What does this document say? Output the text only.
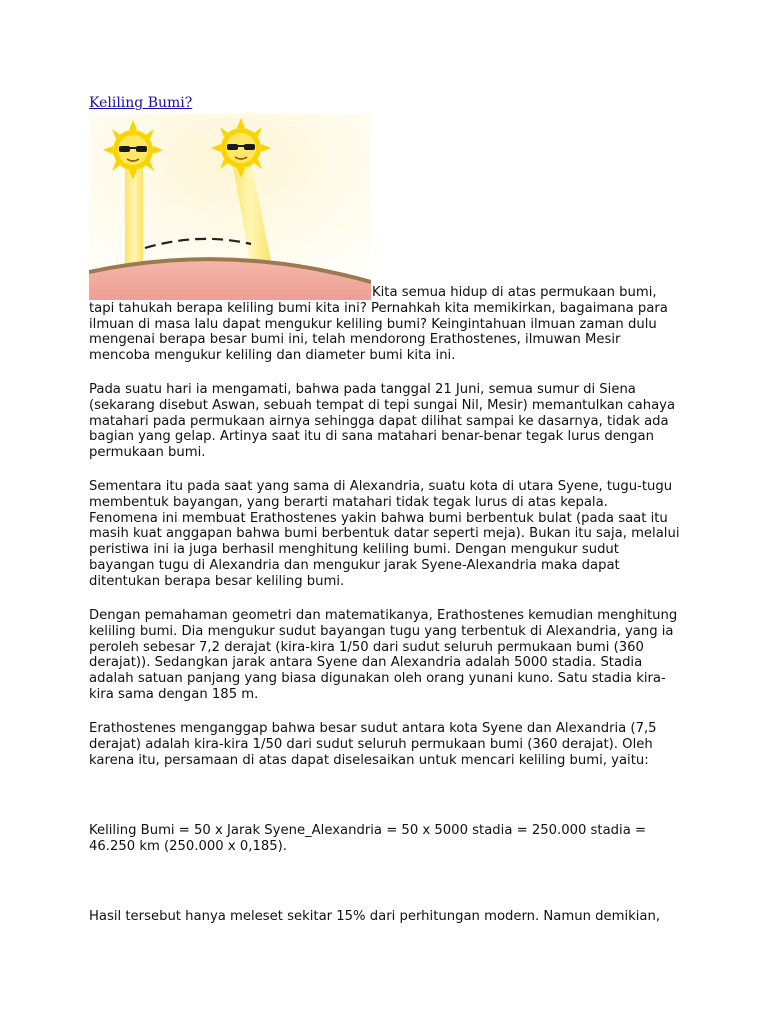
Keliling Bumi?

Kita semua hidup di atas permukaan bumi,
tapi tahukah berapa keliling bumi kita ini? Pernahkah kita memikirkan, bagaimana para
ilmuan di masa lalu dapat mengukur keliling bumi? Keingintahuan ilmuan zaman dulu
mengenai berapa besar bumi ini, telah mendorong Erathostenes, ilmuwan Mesir
mencoba mengukur keliling dan diameter bumi kita ini.

Pada suatu hari ia mengamati, bahwa pada tanggal 21 Juni, semua sumur di Siena
(sekarang disebut Aswan, sebuah tempat di tepi sungai Nil, Mesir) memantulkan cahaya
matahari pada permukaan airnya sehingga dapat dilihat sampai ke dasarnya, tidak ada
bagian yang gelap. Artinya saat itu di sana matahari benar-benar tegak lurus dengan
permukaan bumi.

Sementara itu pada saat yang sama di Alexandria, suatu kota di utara Syene, tugu-tugu
membentuk bayangan, yang berarti matahari tidak tegak lurus di atas kepala.
Fenomena ini membuat Erathostenes yakin bahwa bumi berbentuk bulat (pada saat itu
masih kuat anggapan bahwa bumi berbentuk datar seperti meja). Bukan itu saja, melalui
peristiwa ini ia juga berhasil menghitung keliling bumi. Dengan mengukur sudut
bayangan tugu di Alexandria dan mengukur jarak Syene-Alexandria maka dapat
ditentukan berapa besar keliling bumi.

Dengan pemahaman geometri dan matematikanya, Erathostenes kemudian menghitung
keliling bumi. Dia mengukur sudut bayangan tugu yang terbentuk di Alexandria, yang ia
peroleh sebesar 7,2 derajat (kira-kira 1/50 dari sudut seluruh permukaan bumi (360
derajat)). Sedangkan jarak antara Syene dan Alexandria adalah 5000 stadia. Stadia
adalah satuan panjang yang biasa digunakan oleh orang yunani kuno. Satu stadia kira-
kira sama dengan 185 m.

Erathostenes menganggap bahwa besar sudut antara kota Syene dan Alexandria (7,5
derajat) adalah kira-kira 1/50 dari sudut seluruh permukaan bumi (360 derajat). Oleh
karena itu, persamaan di atas dapat diselesaikan untuk mencari keliling bumi, yaitu:

Keliling Bumi = 50 x Jarak Syene_Alexandria = 50 x 5000 stadia = 250.000 stadia =
46.250 km (250.000 x 0,185).

Hasil tersebut hanya meleset sekitar 15% dari perhitungan modern. Namun demikian,
